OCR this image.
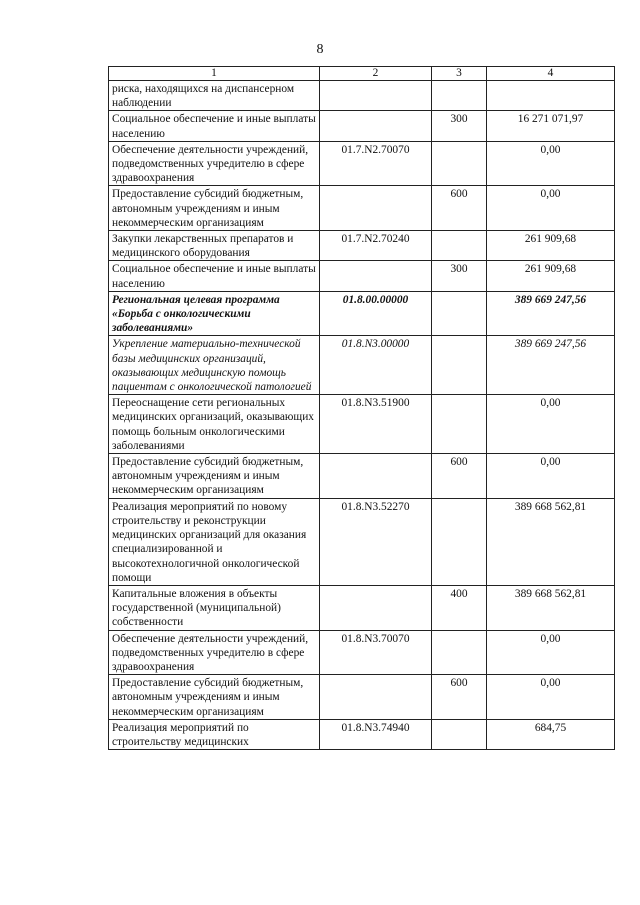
8
1	2	3	4
риска, находящихся на диспансерном наблюдении			
Социальное обеспечение и иные выплаты населению		300	16 271 071,97
Обеспечение деятельности учреждений, подведомственных учредителю в сфере здравоохранения	01.7.N2.70070		0,00
Предоставление субсидий бюджетным, автономным учреждениям и иным некоммерческим организациям		600	0,00
Закупки лекарственных препаратов и медицинского оборудования	01.7.N2.70240		261 909,68
Социальное обеспечение и иные выплаты населению		300	261 909,68
Региональная целевая программа «Борьба с онкологическими заболеваниями»	01.8.00.00000		389 669 247,56
Укрепление материально-технической базы медицинских организаций, оказывающих медицинскую помощь пациентам с онкологической патологией	01.8.N3.00000		389 669 247,56
Переоснащение сети региональных медицинских организаций, оказывающих помощь больным онкологическими заболеваниями	01.8.N3.51900		0,00
Предоставление субсидий бюджетным, автономным учреждениям и иным некоммерческим организациям		600	0,00
Реализация мероприятий по новому строительству и реконструкции медицинских организаций для оказания специализированной и высокотехнологичной онкологической помощи	01.8.N3.52270		389 668 562,81
Капитальные вложения в объекты государственной (муниципальной) собственности		400	389 668 562,81
Обеспечение деятельности учреждений, подведомственных учредителю в сфере здравоохранения	01.8.N3.70070		0,00
Предоставление субсидий бюджетным, автономным учреждениям и иным некоммерческим организациям		600	0,00
Реализация мероприятий по строительству медицинских	01.8.N3.74940		684,75
